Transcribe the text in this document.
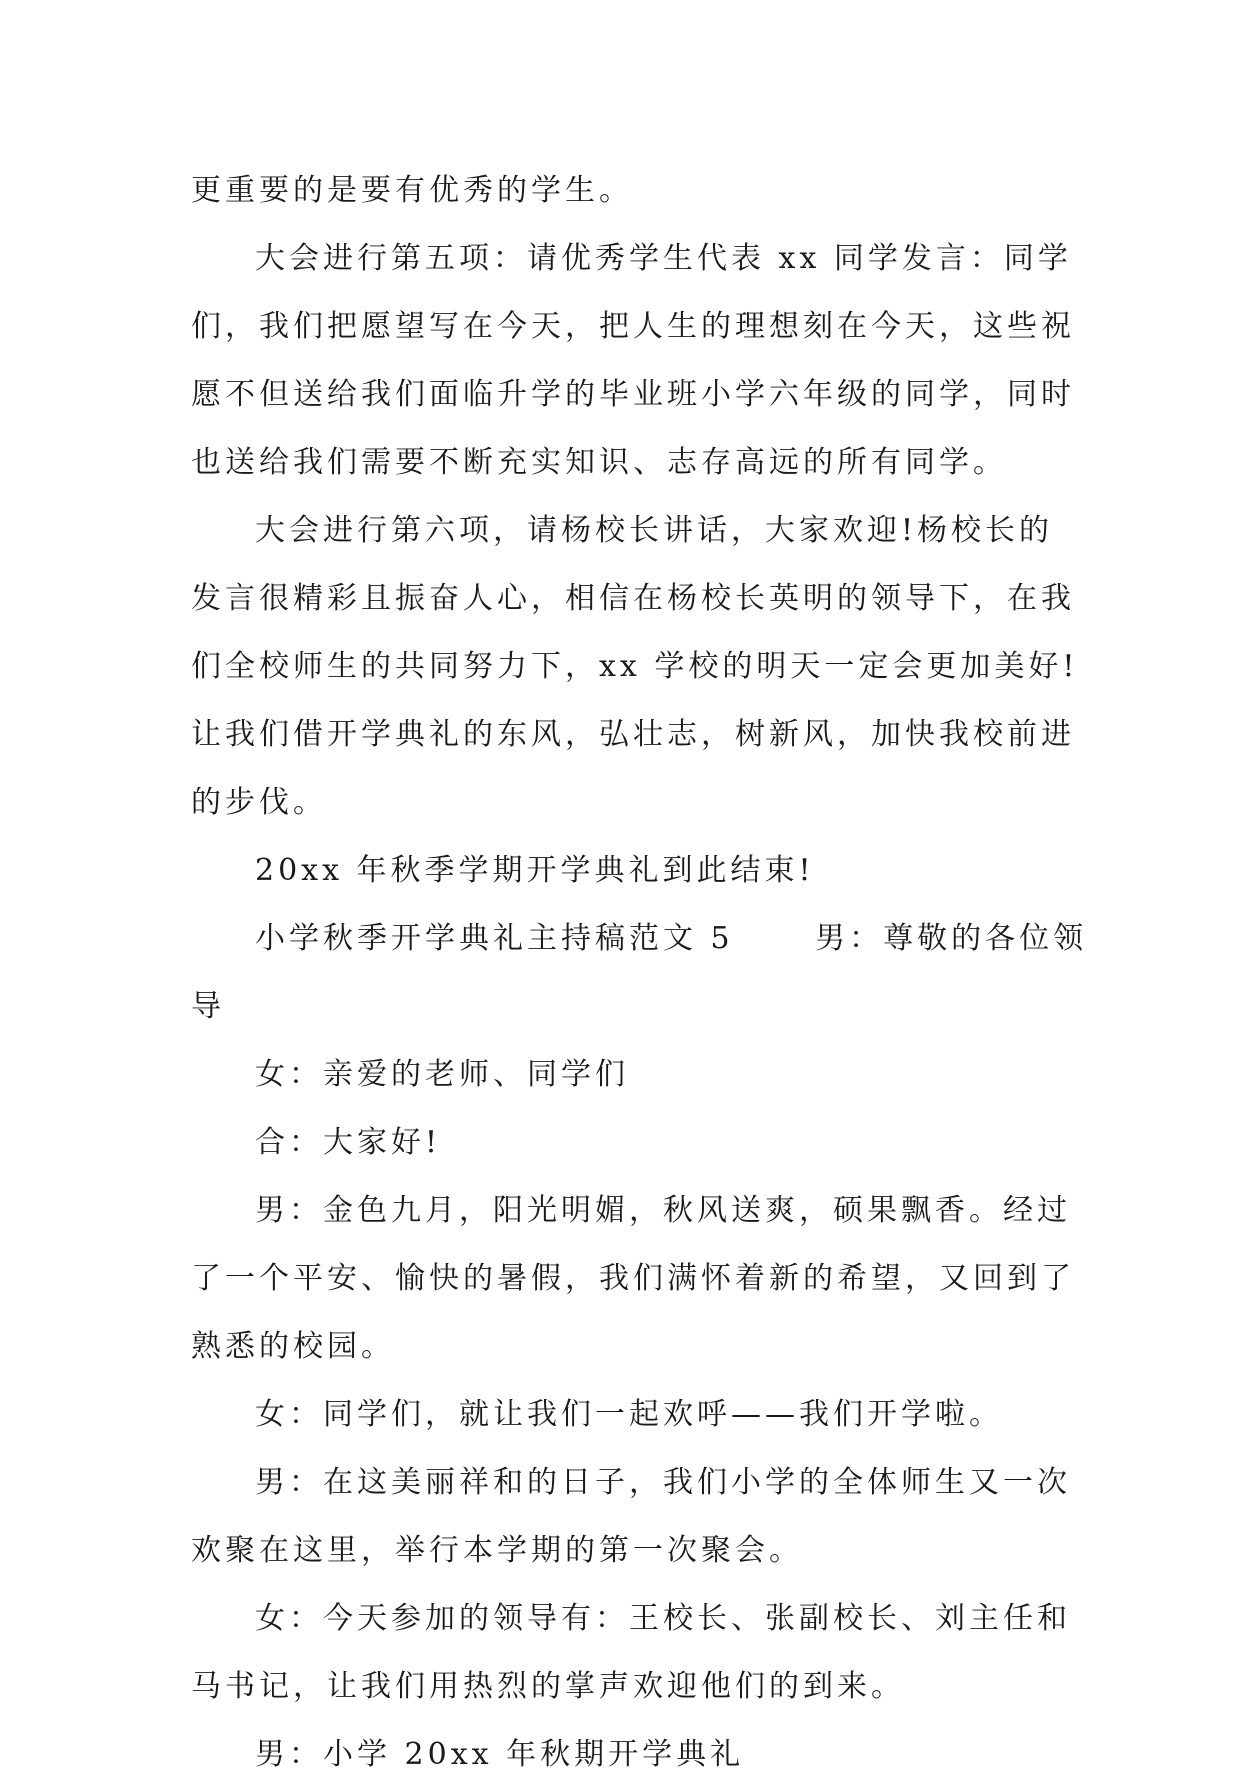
更重要的是要有优秀的学生。

大会进行第五项：请优秀学生代表 xx 同学发言：同学
们，我们把愿望写在今天，把人生的理想刻在今天，这些祝
愿不但送给我们面临升学的毕业班小学六年级的同学，同时
也送给我们需要不断充实知识、志存高远的所有同学。

大会进行第六项，请杨校长讲话，大家欢迎!杨校长的
发言很精彩且振奋人心，相信在杨校长英明的领导下，在我
们全校师生的共同努力下，xx 学校的明天一定会更加美好!
让我们借开学典礼的东风，弘壮志，树新风，加快我校前进
的步伐。

20xx 年秋季学期开学典礼到此结束!

小学秋季开学典礼主持稿范文 5　　 男：尊敬的各位领
导

女：亲爱的老师、同学们

合：大家好!

男：金色九月，阳光明媚，秋风送爽，硕果飘香。经过
了一个平安、愉快的暑假，我们满怀着新的希望，又回到了
熟悉的校园。

女：同学们，就让我们一起欢呼——我们开学啦。

男：在这美丽祥和的日子，我们小学的全体师生又一次
欢聚在这里，举行本学期的第一次聚会。

女：今天参加的领导有：王校长、张副校长、刘主任和
马书记，让我们用热烈的掌声欢迎他们的到来。

男：小学 20xx 年秋期开学典礼
